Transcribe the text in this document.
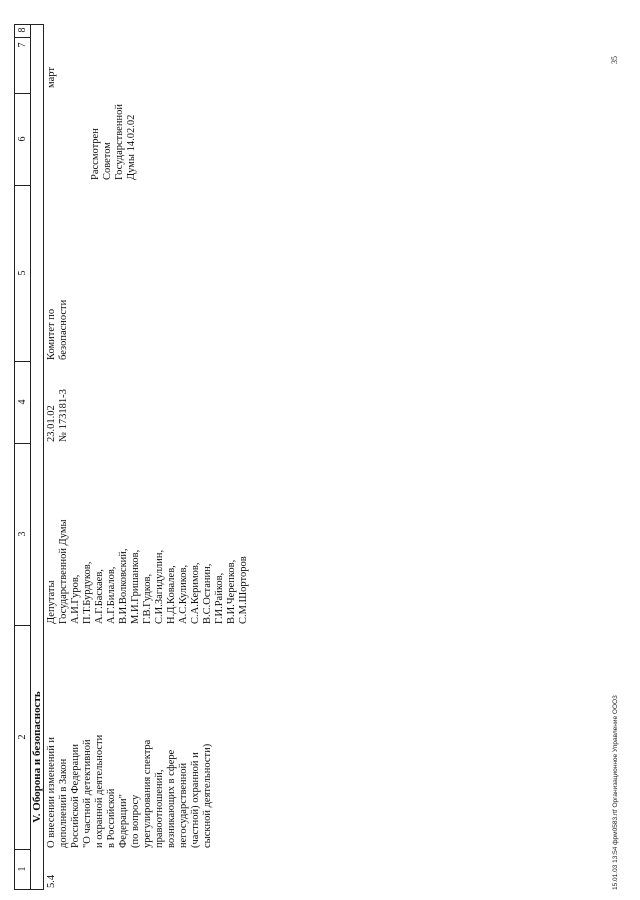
1
2
3
4
5
6
7
8
V. Оборона и безопасность
5.4
О внесении изменений и
дополнений в Закон
Российской Федерации
"О частной детективной
и охранной деятельности
в Российской
Федерации"
(по вопросу
урегулирования спектра
правоотношений,
возникающих в сфере
негосударственной
(частной) охранной и
сыскной деятельности)
Депутаты
Государственной Думы
А.И.Гуров,
П.Т.Бурдуков,
А.Г.Баскаев,
А.Г.Билалов,
В.И.Волковский,
М.И.Гришанков,
Г.В.Гудков,
С.И.Загидуллин,
Н.Д.Ковалев,
А.С.Куликов,
С.А.Керимов,
В.С.Останин,
Г.И.Райков,
В.И.Черепков,
С.М.Шорторов
23.01.02
№ 173181-3
Комитет по
безопасности
Рассмотрен
Советом
Государственной
Думы 14.02.02
март
15.01.03 13:54 фрм0583.rtf Организационное Управление ООО3
35
